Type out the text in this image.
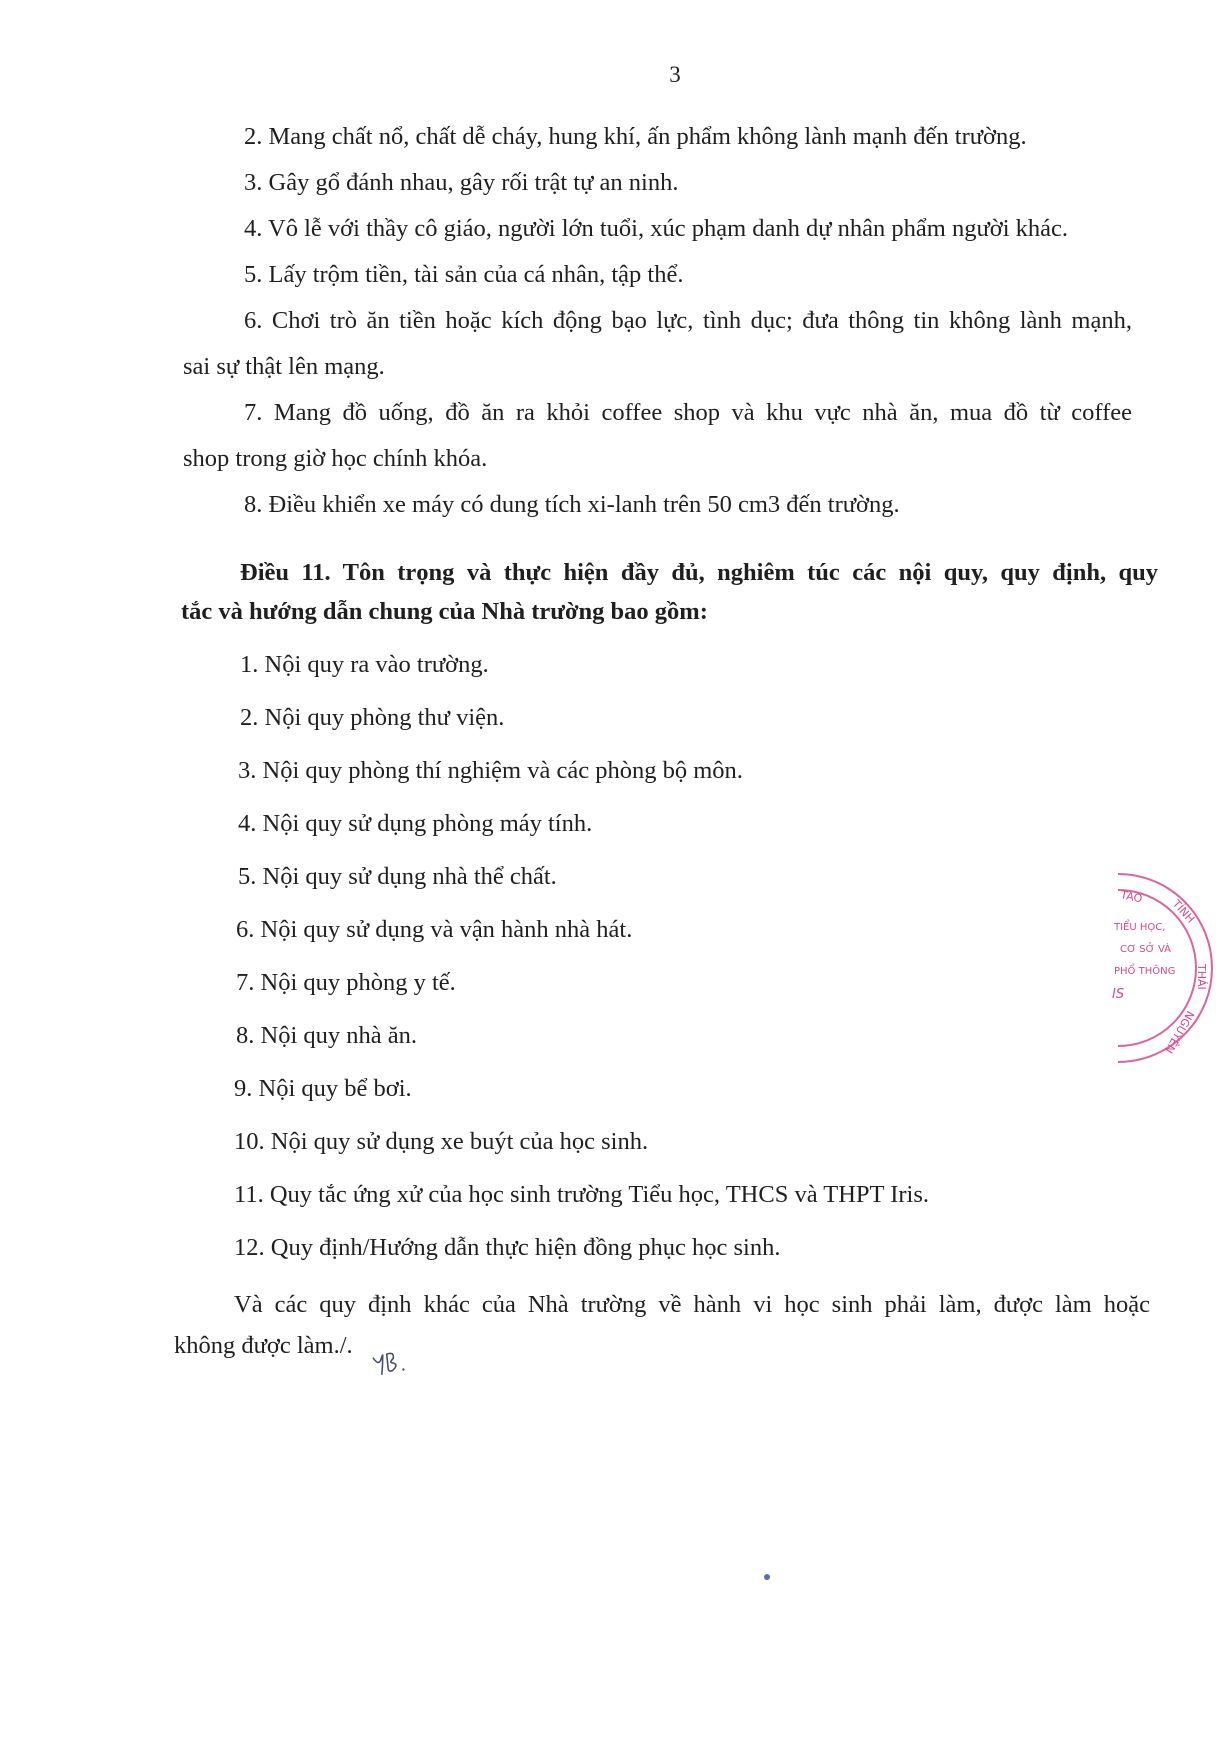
3
2. Mang chất nổ, chất dễ cháy, hung khí, ấn phẩm không lành mạnh đến trường.
3. Gây gổ đánh nhau, gây rối trật tự an ninh.
4. Vô lễ với thầy cô giáo, người lớn tuổi, xúc phạm danh dự nhân phẩm người khác.
5. Lấy trộm tiền, tài sản của cá nhân, tập thể.
6. Chơi trò ăn tiền hoặc kích động bạo lực, tình dục; đưa thông tin không lành mạnh,
sai sự thật lên mạng.
7. Mang đồ uống, đồ ăn ra khỏi coffee shop và khu vực nhà ăn, mua đồ từ coffee
shop trong giờ học chính khóa.
8. Điều khiển xe máy có dung tích xi-lanh trên 50 cm3 đến trường.
Điều 11. Tôn trọng và thực hiện đầy đủ, nghiêm túc các nội quy, quy định, quy
tắc và hướng dẫn chung của Nhà trường bao gồm:
1. Nội quy ra vào trường.
2. Nội quy phòng thư viện.
3. Nội quy phòng thí nghiệm và các phòng bộ môn.
4. Nội quy sử dụng phòng máy tính.
5. Nội quy sử dụng nhà thể chất.
6. Nội quy sử dụng và vận hành nhà hát.
7. Nội quy phòng y tế.
8. Nội quy nhà ăn.
9. Nội quy bể bơi.
10. Nội quy sử dụng xe buýt của học sinh.
11. Quy tắc ứng xử của học sinh trường Tiểu học, THCS và THPT Iris.
12. Quy định/Hướng dẫn thực hiện đồng phục học sinh.
Và các quy định khác của Nhà trường về hành vi học sinh phải làm, được làm hoặc
không được làm./.
TAO
TỈNH
TIỂU HỌC,
CƠ SỞ VÀ
PHỔ THÔNG
IS
THÁI
NGUYÊN
